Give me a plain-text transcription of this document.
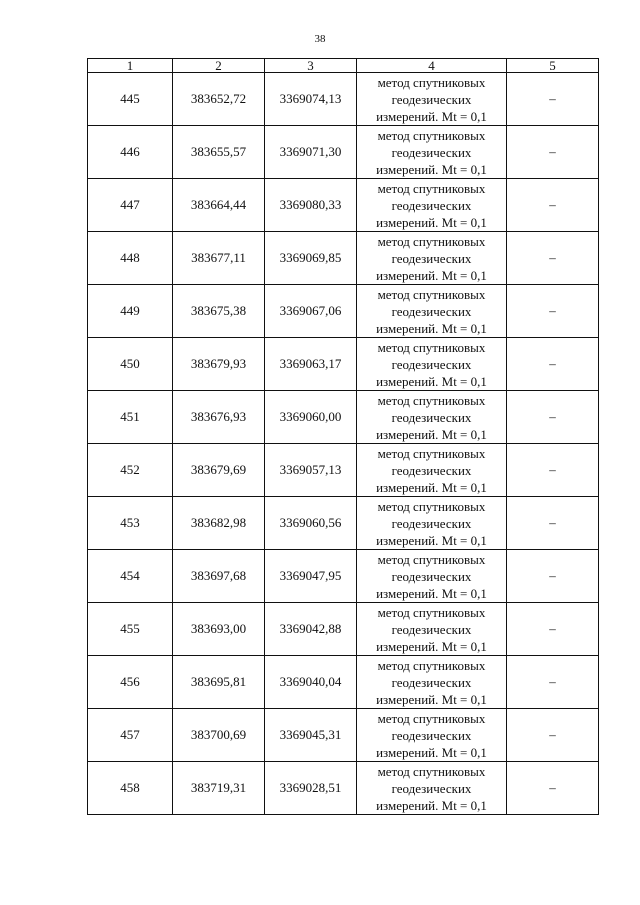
38
1	2	3	4	5
445	383652,72	3369074,13	метод спутниковых
геодезических
измерений. Mt = 0,1	–
446	383655,57	3369071,30	метод спутниковых
геодезических
измерений. Mt = 0,1	–
447	383664,44	3369080,33	метод спутниковых
геодезических
измерений. Mt = 0,1	–
448	383677,11	3369069,85	метод спутниковых
геодезических
измерений. Mt = 0,1	–
449	383675,38	3369067,06	метод спутниковых
геодезических
измерений. Mt = 0,1	–
450	383679,93	3369063,17	метод спутниковых
геодезических
измерений. Mt = 0,1	–
451	383676,93	3369060,00	метод спутниковых
геодезических
измерений. Mt = 0,1	–
452	383679,69	3369057,13	метод спутниковых
геодезических
измерений. Mt = 0,1	–
453	383682,98	3369060,56	метод спутниковых
геодезических
измерений. Mt = 0,1	–
454	383697,68	3369047,95	метод спутниковых
геодезических
измерений. Mt = 0,1	–
455	383693,00	3369042,88	метод спутниковых
геодезических
измерений. Mt = 0,1	–
456	383695,81	3369040,04	метод спутниковых
геодезических
измерений. Mt = 0,1	–
457	383700,69	3369045,31	метод спутниковых
геодезических
измерений. Mt = 0,1	–
458	383719,31	3369028,51	метод спутниковых
геодезических
измерений. Mt = 0,1	–
